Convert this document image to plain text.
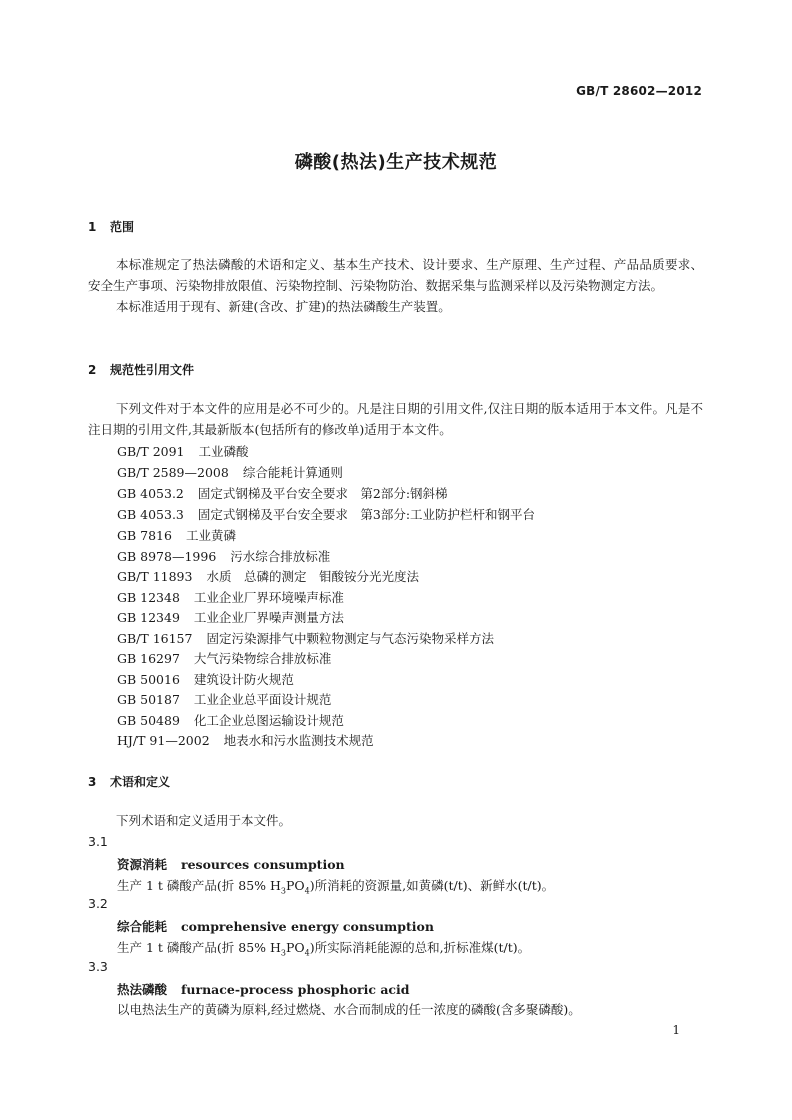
GB/T 28602—2012
磷酸(热法)生产技术规范
1 范围

本标准规定了热法磷酸的术语和定义、基本生产技术、设计要求、生产原理、生产过程、产品品质要求、安全生产事项、污染物排放限值、污染物控制、污染物防治、数据采集与监测采样以及污染物测定方法。

本标准适用于现有、新建(含改、扩建)的热法磷酸生产装置。

2 规范性引用文件

下列文件对于本文件的应用是必不可少的。凡是注日期的引用文件,仅注日期的版本适用于本文件。凡是不注日期的引用文件,其最新版本(包括所有的修改单)适用于本文件。

GB/T 2091 工业磷酸
GB/T 2589—2008 综合能耗计算通则
GB 4053.2 固定式钢梯及平台安全要求　第2部分:钢斜梯
GB 4053.3 固定式钢梯及平台安全要求　第3部分:工业防护栏杆和钢平台
GB 7816 工业黄磷
GB 8978—1996 污水综合排放标准
GB/T 11893 水质　总磷的测定　钼酸铵分光光度法
GB 12348 工业企业厂界环境噪声标准
GB 12349 工业企业厂界噪声测量方法
GB/T 16157 固定污染源排气中颗粒物测定与气态污染物采样方法
GB 16297 大气污染物综合排放标准
GB 50016 建筑设计防火规范
GB 50187 工业企业总平面设计规范
GB 50489 化工企业总图运输设计规范
HJ/T 91—2002 地表水和污水监测技术规范
3 术语和定义

下列术语和定义适用于本文件。

3.1
资源消耗 resources consumption
生产 1 t 磷酸产品(折 85% $H_3PO_4$)所消耗的资源量,如黄磷(t/t)、新鲜水(t/t)。
3.2
综合能耗 comprehensive energy consumption
生产 1 t 磷酸产品(折 85% $H_3PO_4$)所实际消耗能源的总和,折标准煤(t/t)。
3.3
热法磷酸 furnace-process phosphoric acid
以电热法生产的黄磷为原料,经过燃烧、水合而制成的任一浓度的磷酸(含多聚磷酸)。
1
